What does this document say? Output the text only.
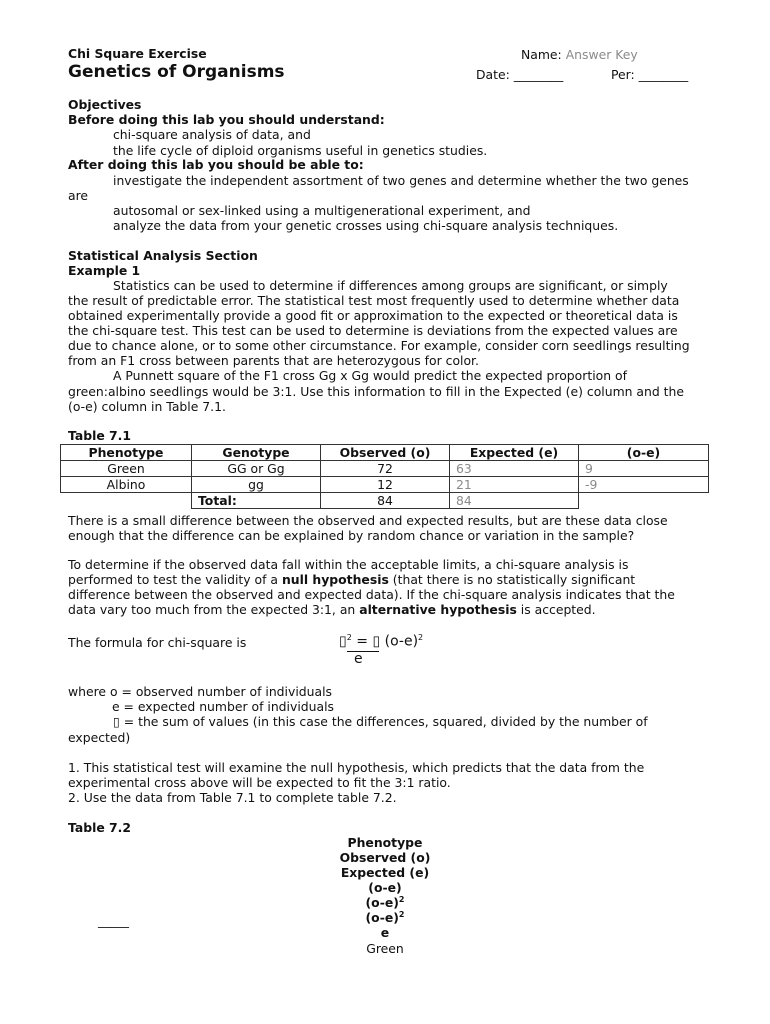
Chi Square Exercise
Genetics of Organisms
Name: Answer Key
Date: ________	Per: ________
Objectives
Before doing this lab you should understand:
chi-square analysis of data, and
the life cycle of diploid organisms useful in genetics studies.
After doing this lab you should be able to:
investigate the independent assortment of two genes and determine whether the two genes
are
autosomal or sex-linked using a multigenerational experiment, and
analyze the data from your genetic crosses using chi-square analysis techniques.
Statistical Analysis Section
Example 1
Statistics can be used to determine if differences among groups are significant, or simply
the result of predictable error. The statistical test most frequently used to determine whether data
obtained experimentally provide a good fit or approximation to the expected or theoretical data is
the chi-square test. This test can be used to determine is deviations from the expected values are
due to chance alone, or to some other circumstance. For example, consider corn seedlings resulting
from an F1 cross between parents that are heterozygous for color.
A Punnett square of the F1 cross Gg x Gg would predict the expected proportion of
green:albino seedlings would be 3:1. Use this information to fill in the Expected (e) column and the
(o-e) column in Table 7.1.
Table 7.1
Phenotype	Genotype	Observed (o)	Expected (e)	(o-e)
Green	GG or Gg	72	63	9
Albino	gg	12	21	-9
	Total:	84	84	
There is a small difference between the observed and expected results, but are these data close
enough that the difference can be explained by random chance or variation in the sample?
To determine if the observed data fall within the acceptable limits, a chi-square analysis is
performed to test the validity of a null hypothesis (that there is no statistically significant
difference between the observed and expected data). If the chi-square analysis indicates that the
data vary too much from the expected 3:1, an alternative hypothesis is accepted.
The formula for chi-square is	▯$^2$ = ▯ $(o-e)^2$
e
where o = observed number of individuals
e = expected number of individuals
▯ = the sum of values (in this case the differences, squared, divided by the number of
expected)
1. This statistical test will examine the null hypothesis, which predicts that the data from the
experimental cross above will be expected to fit the 3:1 ratio.
2. Use the data from Table 7.1 to complete table 7.2.
Table 7.2
Phenotype
Observed (o)
Expected (e)
(o-e)
$(o-e)^2$
$(o-e)^2$
_____
e
Green
